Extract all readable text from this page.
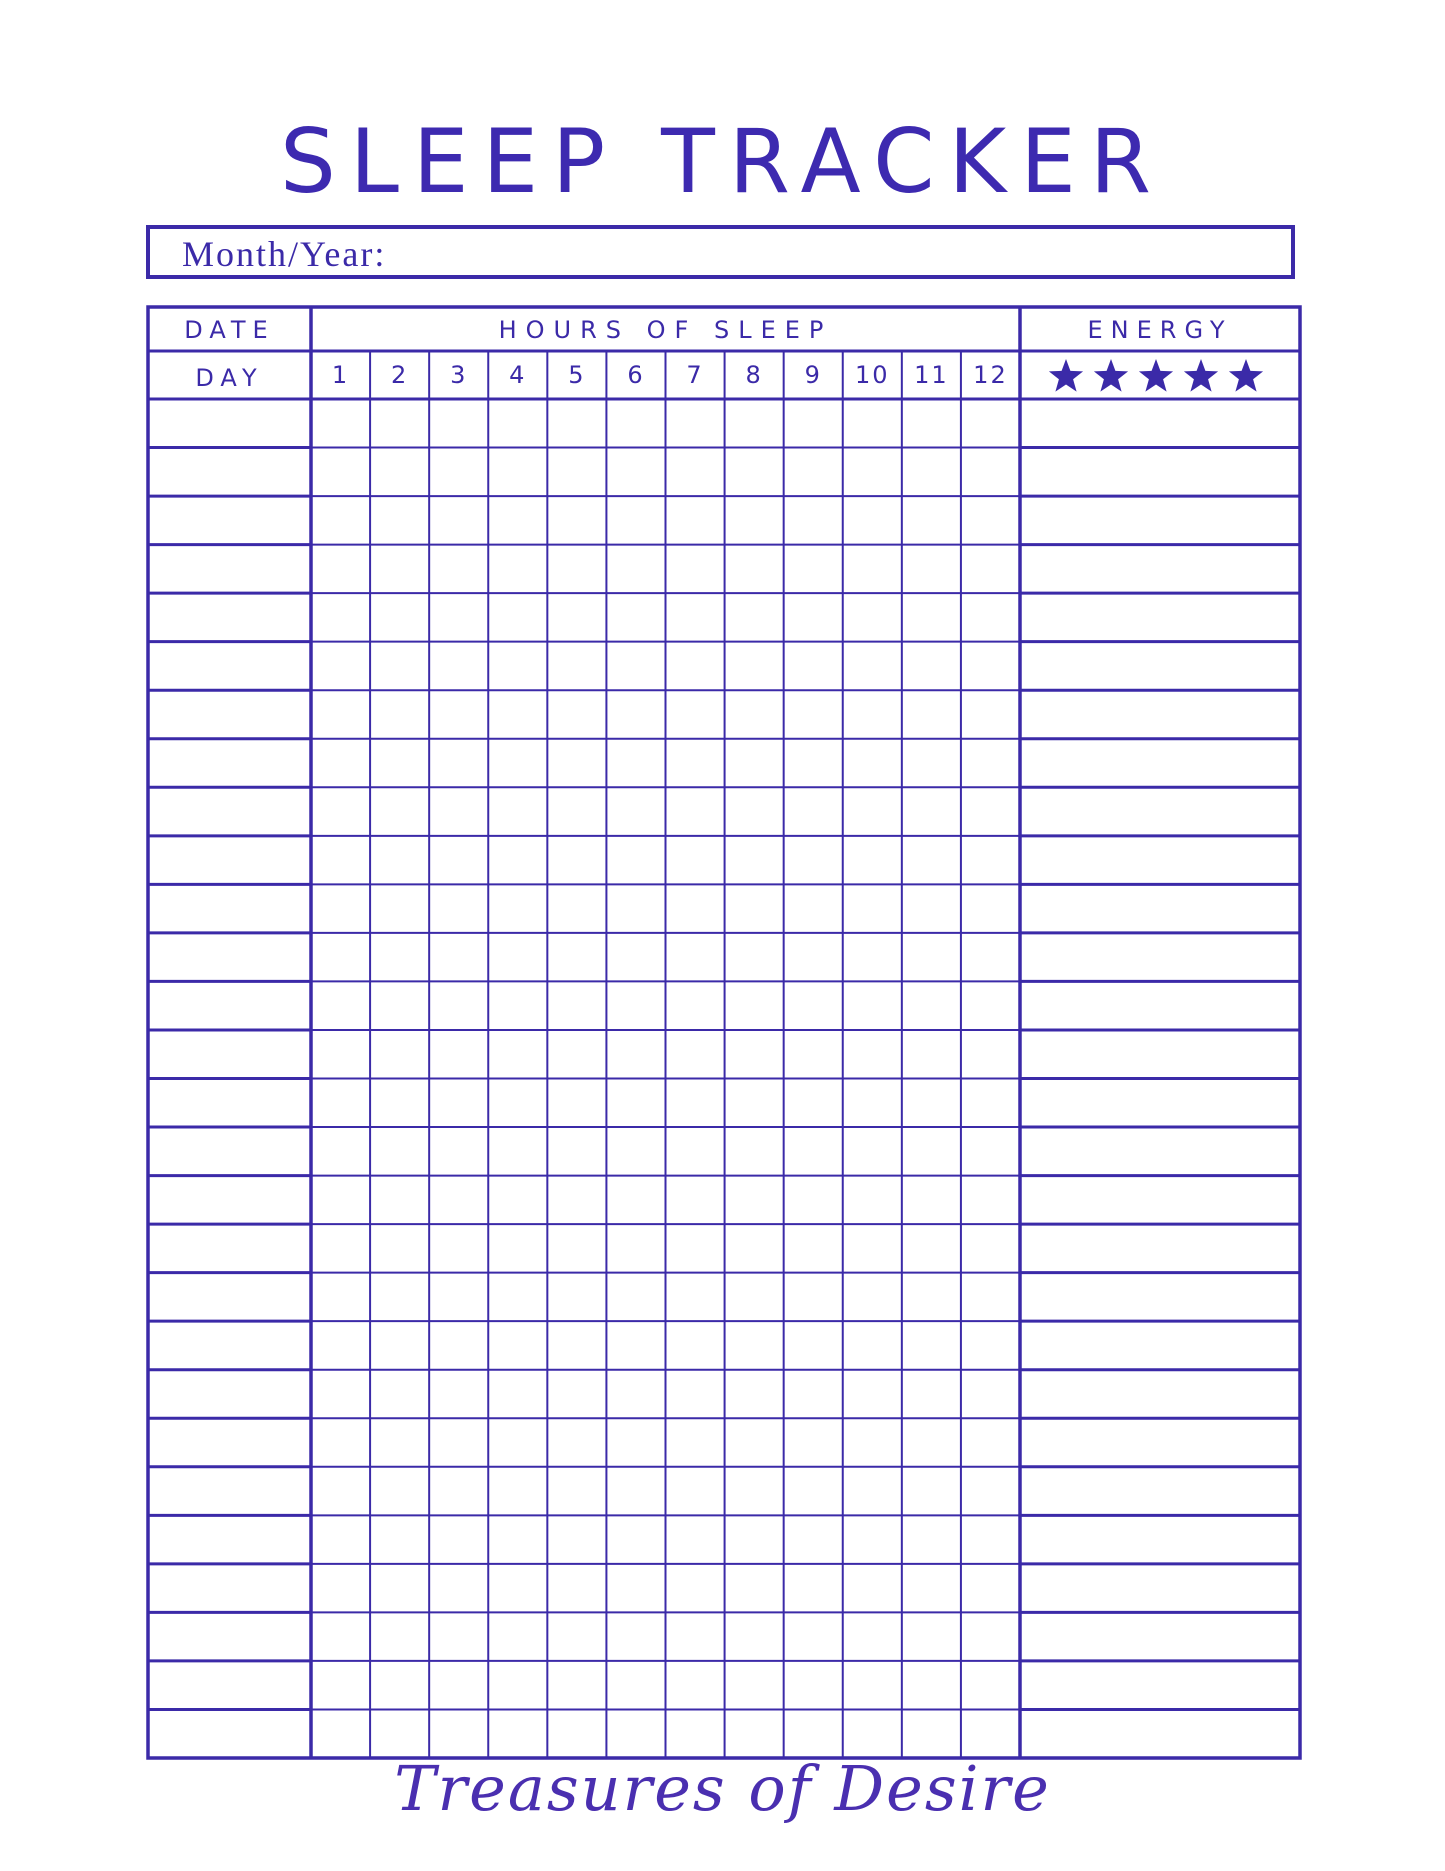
SLEEP TRACKER
Month/Year:
DATE	HOURS OF SLEEP	ENERGY
DAY	1 2 3 4 5 6 7 8 9 10 11 12
Treasures of Desire
